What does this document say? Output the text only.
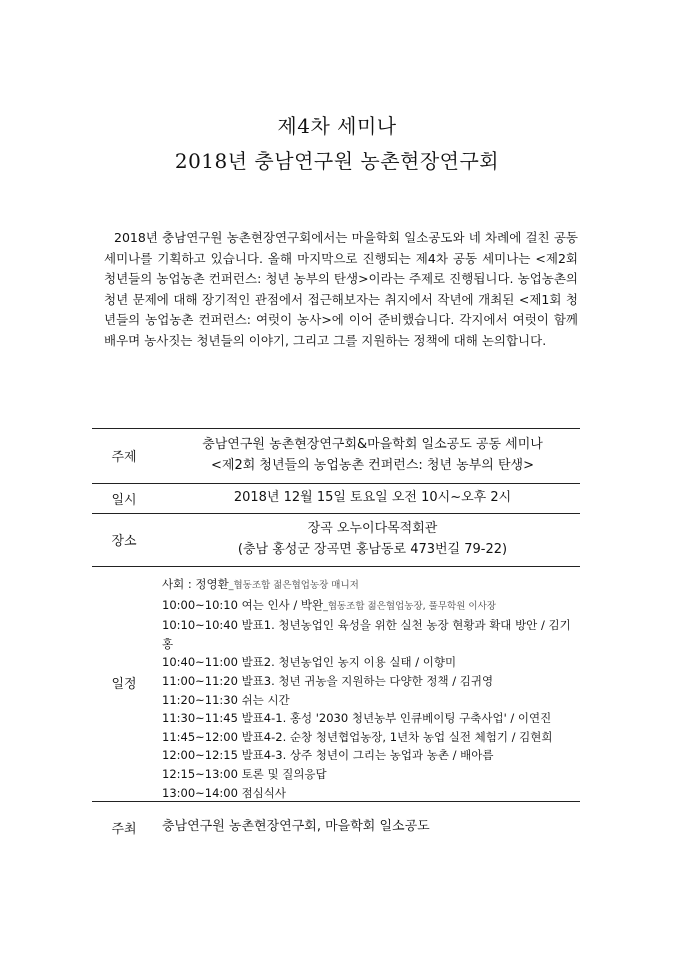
제4차 세미나
2018년 충남연구원 농촌현장연구회
2018년 충남연구원 농촌현장연구회에서는 마을학회 일소공도와 네 차례에 걸친 공동 세미나를 기획하고 있습니다. 올해 마지막으로 진행되는 제4차 공동 세미나는 <제2회 청년들의 농업농촌 컨퍼런스: 청년 농부의 탄생>이라는 주제로 진행됩니다. 농업농촌의 청년 문제에 대해 장기적인 관점에서 접근해보자는 취지에서 작년에 개최된 <제1회 청년들의 농업농촌 컨퍼런스: 여럿이 농사>에 이어 준비했습니다. 각지에서 여럿이 함께 배우며 농사짓는 청년들의 이야기, 그리고 그를 지원하는 정책에 대해 논의합니다.
주제
충남연구원 농촌현장연구회&마을학회 일소공도 공동 세미나
<제2회 청년들의 농업농촌 컨퍼런스: 청년 농부의 탄생>
일시	2018년 12월 15일 토요일 오전 10시~오후 2시
장소
장곡 오누이다목적회관
(충남 홍성군 장곡면 홍남동로 473번길 79-22)
일정
사회 : 정영환_협동조합 젊은협업농장 매니저
10:00~10:10 여는 인사 / 박완_협동조합 젊은협업농장, 풀무학원 이사장
10:10~10:40 발표1. 청년농업인 육성을 위한 실천 농장 현황과 확대 방안 / 김기홍
10:40~11:00 발표2. 청년농업인 농지 이용 실태 / 이향미
11:00~11:20 발표3. 청년 귀농을 지원하는 다양한 정책 / 김귀영
11:20~11:30 쉬는 시간
11:30~11:45 발표4-1. 홍성 '2030 청년농부 인큐베이팅 구축사업' / 이연진
11:45~12:00 발표4-2. 순창 청년협업농장, 1년차 농업 실전 체험기 / 김현희
12:00~12:15 발표4-3. 상주 청년이 그리는 농업과 농촌 / 배아름
12:15~13:00 토론 및 질의응답
13:00~14:00 점심식사
주최	충남연구원 농촌현장연구회, 마을학회 일소공도
